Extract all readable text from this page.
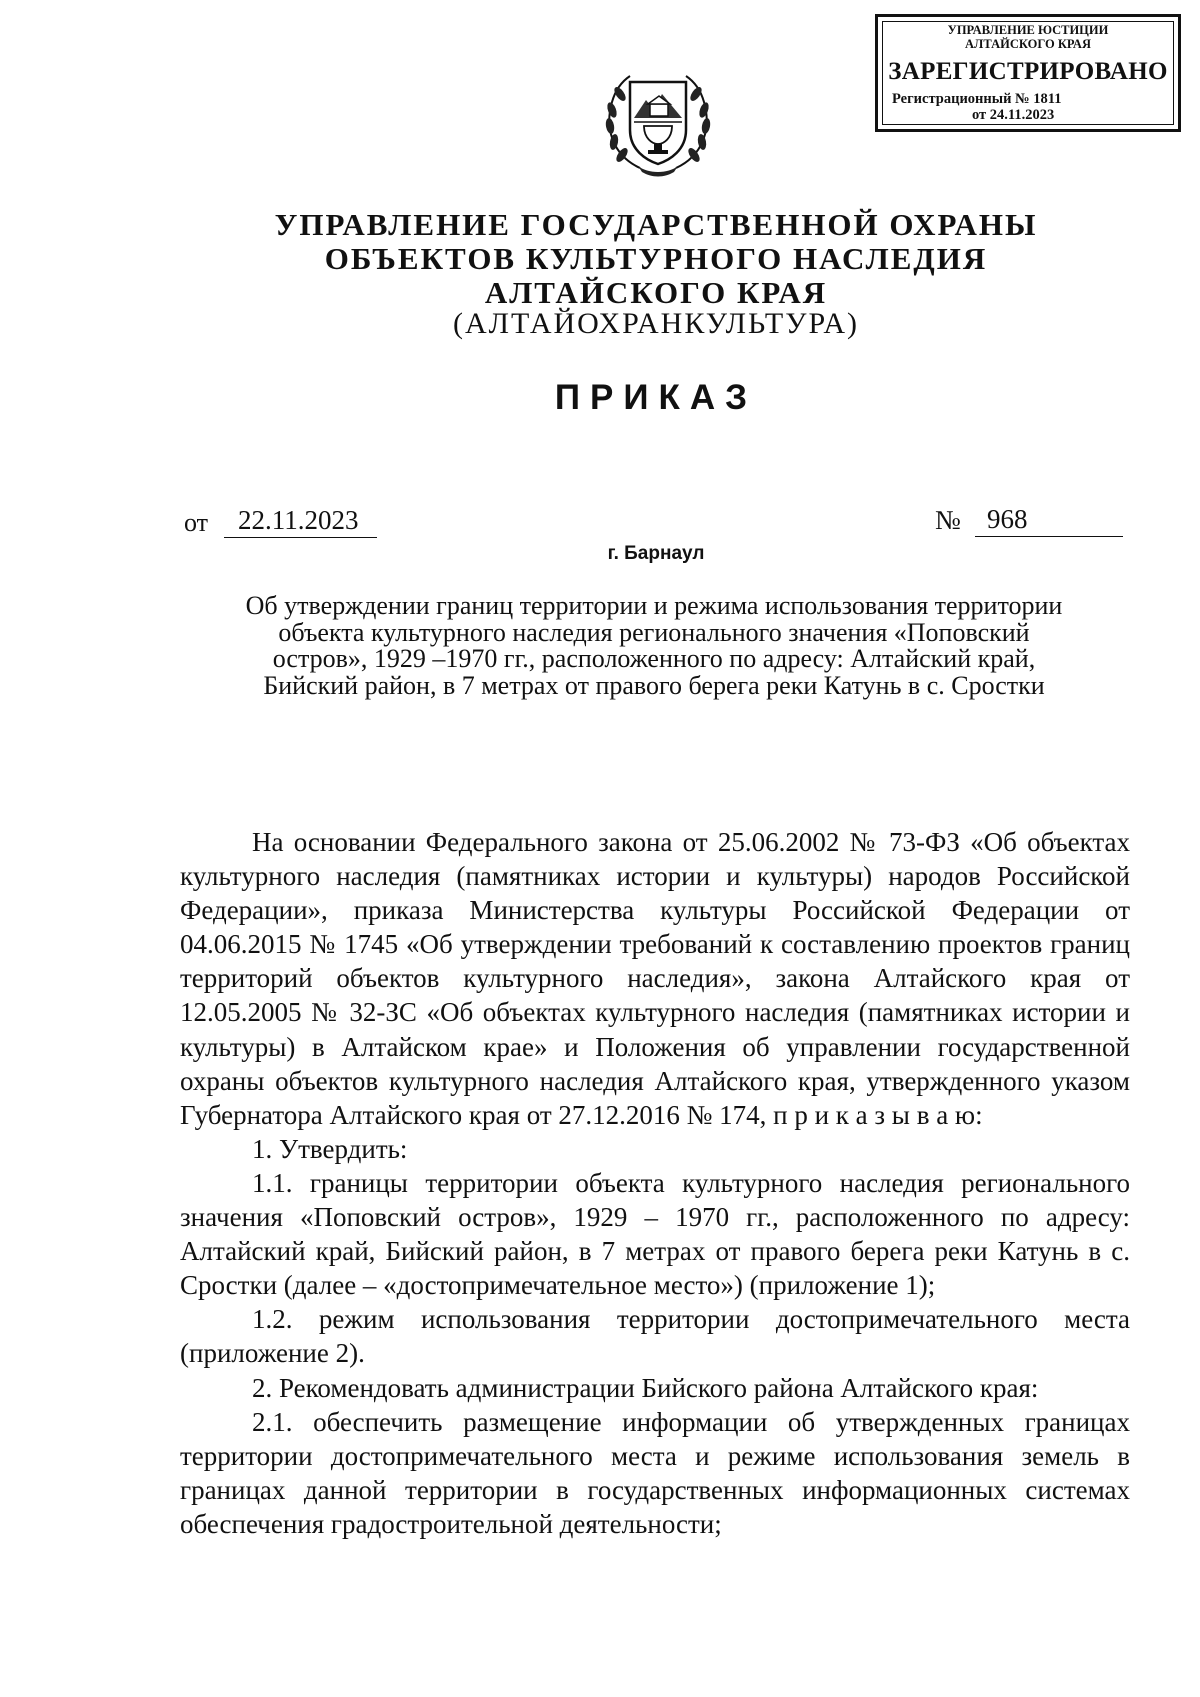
УПРАВЛЕНИЕ ЮСТИЦИИ
АЛТАЙСКОГО КРАЯ
ЗАРЕГИСТРИРОВАНО
Регистрационный № 1811
от 24.11.2023
УПРАВЛЕНИЕ ГОСУДАРСТВЕННОЙ ОХРАНЫ
ОБЪЕКТОВ КУЛЬТУРНОГО НАСЛЕДИЯ
АЛТАЙСКОГО КРАЯ
(АЛТАЙОХРАНКУЛЬТУРА)
ПРИКАЗ
от 22.11.2023	№ 968
г. Барнаул
Об утверждении границ территории и режима использования территории объекта культурного наследия регионального значения «Поповский остров», 1929 –1970 гг., расположенного по адресу: Алтайский край, Бийский район, в 7 метрах от правого берега реки Катунь в с. Сростки

На основании Федерального закона от 25.06.2002 № 73-ФЗ «Об объектах культурного наследия (памятниках истории и культуры) народов Российской Федерации», приказа Министерства культуры Российской Федерации от 04.06.2015 № 1745 «Об утверждении требований к составлению проектов границ территорий объектов культурного наследия», закона Алтайского края от 12.05.2005 № 32-ЗС «Об объектах культурного наследия (памятниках истории и культуры) в Алтайском крае» и Положения об управлении государственной охраны объектов культурного наследия Алтайского края, утвержденного указом Губернатора Алтайского края от 27.12.2016 № 174, п р и к а з ы в а ю:

1. Утвердить:

1.1. границы территории объекта культурного наследия регионального значения «Поповский остров», 1929 – 1970 гг., расположенного по адресу: Алтайский край, Бийский район, в 7 метрах от правого берега реки Катунь в с. Сростки (далее – «достопримечательное место») (приложение 1);

1.2. режим использования территории достопримечательного места (приложение 2).

2. Рекомендовать администрации Бийского района Алтайского края:

2.1. обеспечить размещение информации об утвержденных границах территории достопримечательного места и режиме использования земель в границах данной территории в государственных информационных системах обеспечения градостроительной деятельности;
